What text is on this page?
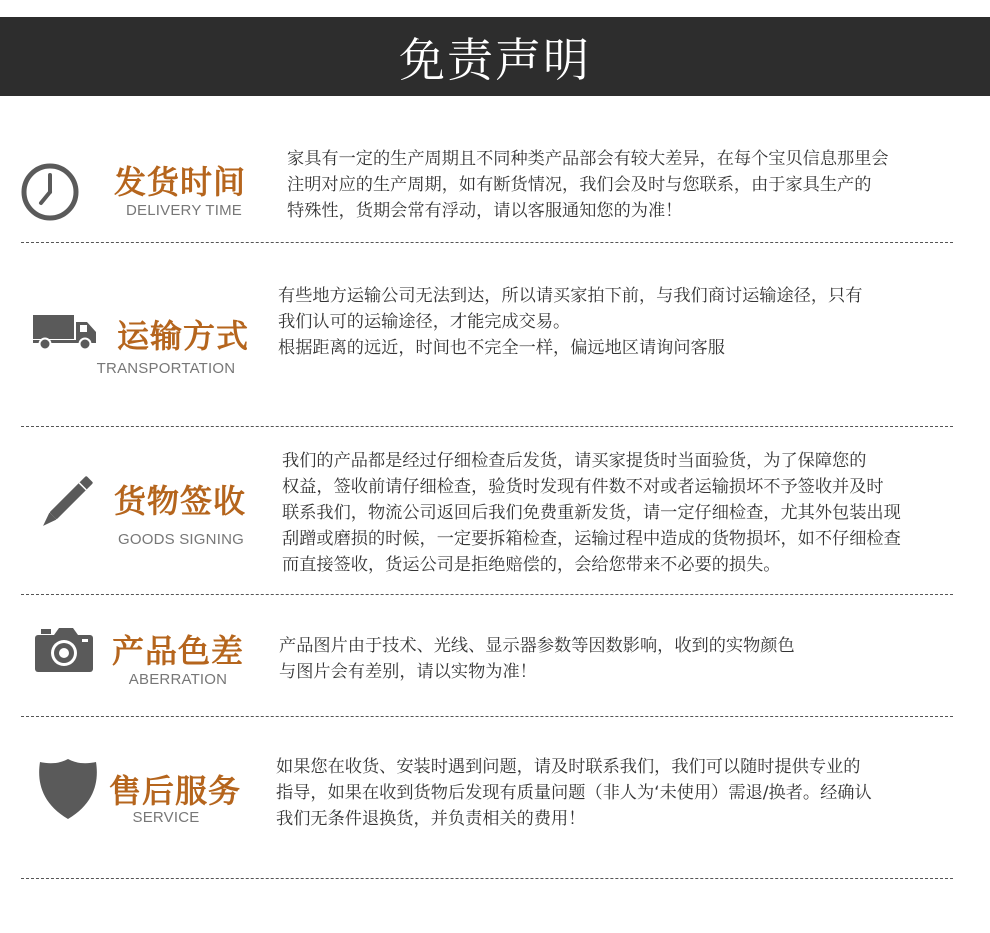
免责声明
发货时间
DELIVERY TIME
家具有一定的生产周期且不同种类产品部会有较大差异，在每个宝贝信息那里会
注明对应的生产周期，如有断货情况，我们会及时与您联系，由于家具生产的
特殊性，货期会常有浮动，请以客服通知您的为准！
运输方式
TRANSPORTATION
有些地方运输公司无法到达，所以请买家拍下前，与我们商讨运输途径，只有
我们认可的运输途径，才能完成交易。
根据距离的远近，时间也不完全一样，偏远地区请询问客服
货物签收
GOODS SIGNING
我们的产品都是经过仔细检查后发货，请买家提货时当面验货，为了保障您的
权益，签收前请仔细检查，验货时发现有件数不对或者运输损坏不予签收并及时
联系我们，物流公司返回后我们免费重新发货，请一定仔细检查，尤其外包装出现
刮蹭或磨损的时候，一定要拆箱检查，运输过程中造成的货物损坏，如不仔细检查
而直接签收，货运公司是拒绝赔偿的，会给您带来不必要的损失。
产品色差
ABERRATION
产品图片由于技术、光线、显示器参数等因数影响，收到的实物颜色
与图片会有差别，请以实物为准！
售后服务
SERVICE
如果您在收货、安装时遇到问题，请及时联系我们，我们可以随时提供专业的
指导，如果在收到货物后发现有质量问题（非人为‘未使用）需退/换者。经确认
我们无条件退换货，并负责相关的费用！
